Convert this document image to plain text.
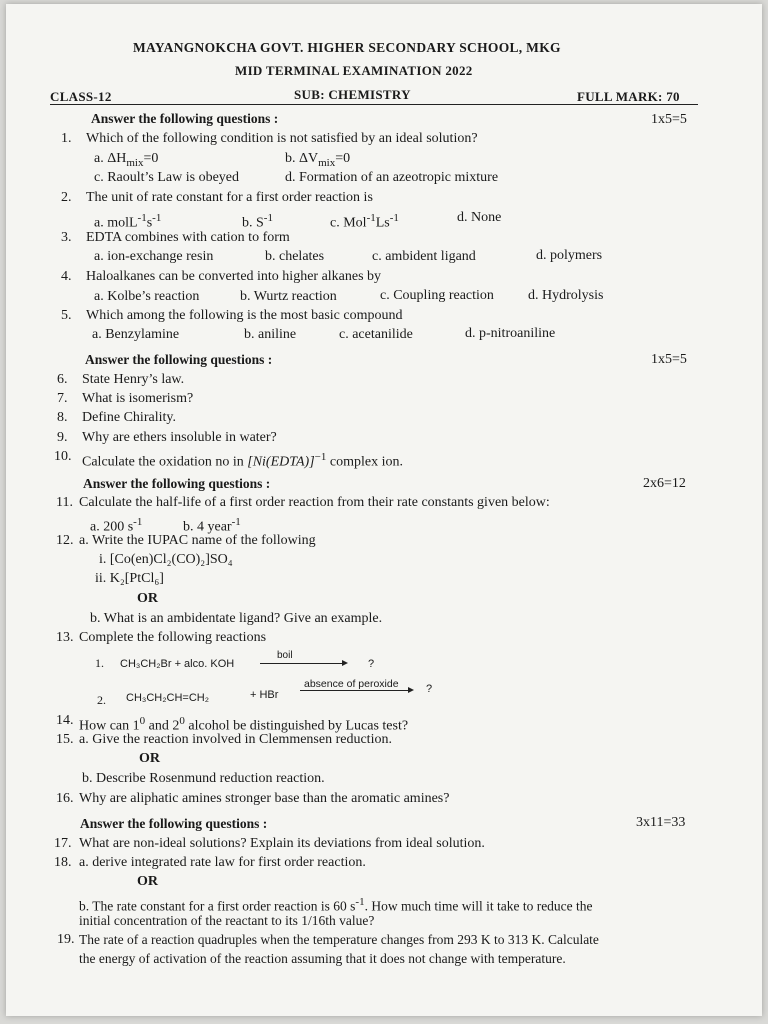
MAYANGNOKCHA GOVT. HIGHER SECONDARY SCHOOL, MKG
MID TERMINAL EXAMINATION 2022
CLASS-12	SUB: CHEMISTRY	FULL MARK: 70
Answer the following questions :	1x5=5
1. Which of the following condition is not satisfied by an ideal solution?
a. $\Delta H_{mix}=0$	b. $\Delta V_{mix}=0$
c. Raoult’s Law is obeyed	d. Formation of an azeotropic mixture
2. The unit of rate constant for a first order reaction is
a. $molL^{-1}s^{-1}$	b. $S^{-1}$	c. $Mol^{-1}Ls^{-1}$	d. None
3. EDTA combines with cation to form
a. ion-exchange resin	b. chelates	c. ambident ligand	d. polymers
4. Haloalkanes can be converted into higher alkanes by
a. Kolbe’s reaction	b. Wurtz reaction	c. Coupling reaction d. Hydrolysis
5. Which among the following is the most basic compound
a. Benzylamine	b. aniline	c. acetanilide	d. p-nitroaniline
Answer the following questions :	1x5=5
6. State Henry’s law.
7. What is isomerism?
8. Define Chirality.
9. Why are ethers insoluble in water?
10. Calculate the oxidation no in [Ni(EDTA)]$^{-1}$ complex ion.
Answer the following questions :	2x6=12
11. Calculate the half-life of a first order reaction from their rate constants given below:
a. 200 $s^{-1}$	b. 4 year$^{-1}$
12. a. Write the IUPAC name of the following
i. [Co(en)Cl₂(CO)₂]SO₄
ii. K₂[PtCl₆]
OR
b. What is an ambidentate ligand? Give an example.
13. Complete the following reactions
1. CH₃CH₂Br + alco. KOH
boil
?
2. CH₃CH₂CH=CH₂	+ HBr
absence of peroxide ?
14. How can $1^0$ and $2^0$ alcohol be distinguished by Lucas test?
15. a. Give the reaction involved in Clemmensen reduction.
OR
b. Describe Rosenmund reduction reaction.
16. Why are aliphatic amines stronger base than the aromatic amines?
Answer the following questions :	3x11=33
17. What are non-ideal solutions? Explain its deviations from ideal solution.
18. a. derive integrated rate law for first order reaction.
OR
b. The rate constant for a first order reaction is 60 $s^{-1}$. How much time will it take to reduce the
initial concentration of the reactant to its 1/16th value?
19. The rate of a reaction quadruples when the temperature changes from 293 K to 313 K. Calculate
the energy of activation of the reaction assuming that it does not change with temperature.
